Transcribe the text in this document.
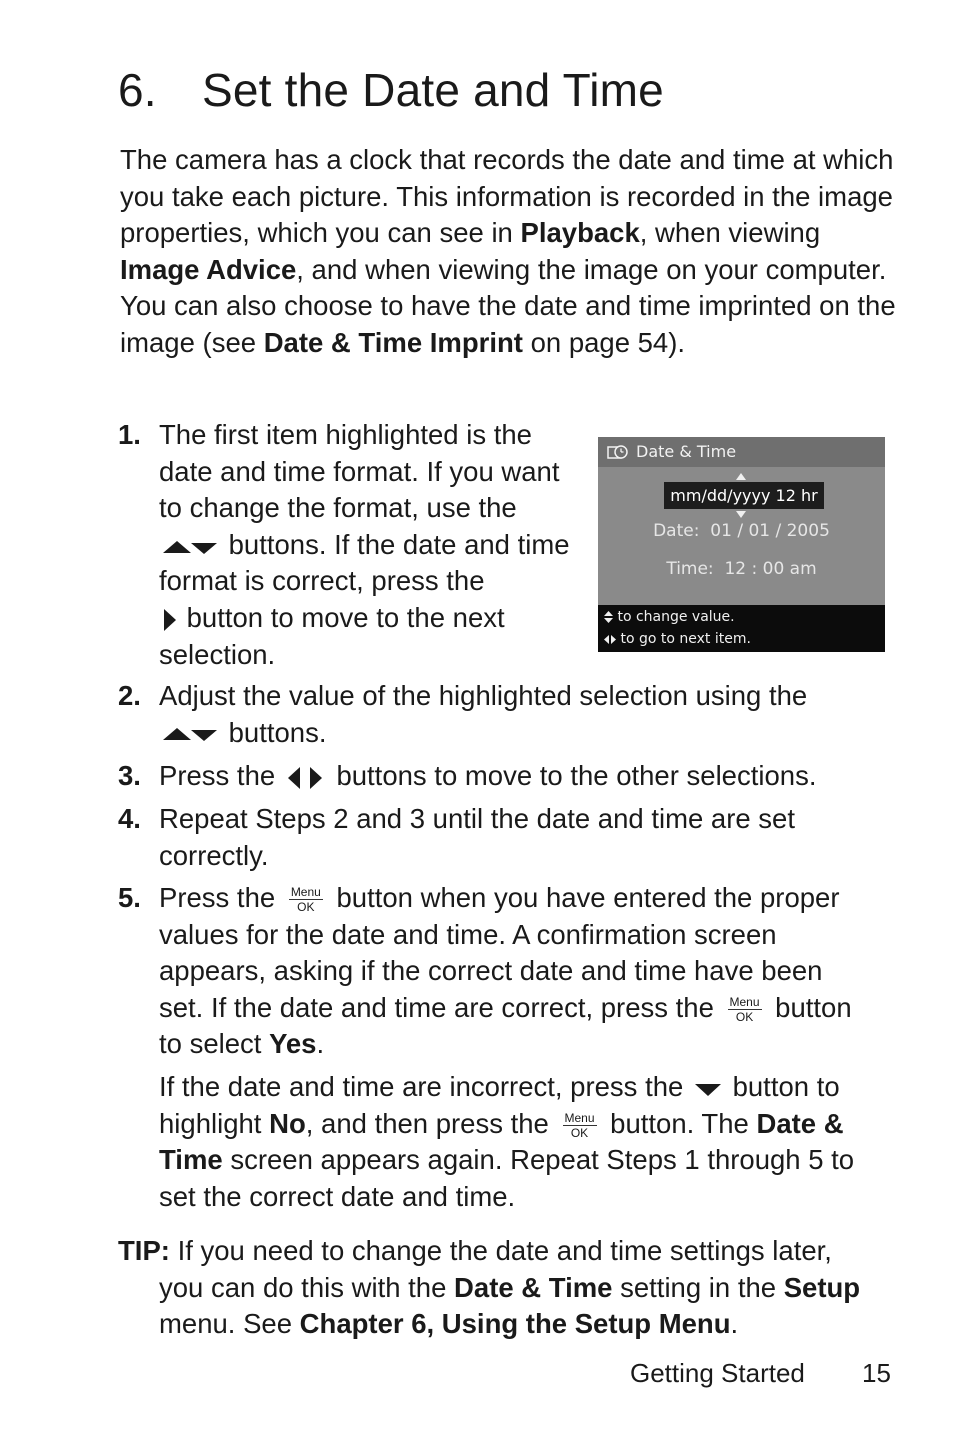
6. Set the Date and Time

The camera has a clock that records the date and time at which you take each picture. This information is recorded in the image properties, which you can see in Playback, when viewing Image Advice, and when viewing the image on your computer. You can also choose to have the date and time imprinted on the image (see Date & Time Imprint on page 54).

1. The first item highlighted is the
date and time format. If you want
to change the format, use the
buttons. If the date and time
format is correct, press the
button to move to the next
selection.
Date & Time
mm/dd/yyyy 12 hr
Date: 01 / 01 / 2005
Time: 12 : 00 am
to change value.
to go to next item.
2. Adjust the value of the highlighted selection using the
buttons.
3. Press the  buttons to move to the other selections.
4. Repeat Steps 2 and 3 until the date and time are set
correctly.
5. Press the Menu
OK button when you have entered the proper
values for the date and time. A confirmation screen
appears, asking if the correct date and time have been
set. If the date and time are correct, press the Menu
OK button
to select Yes.
If the date and time are incorrect, press the  button to
highlight No, and then press the Menu
OK button. The Date &
Time screen appears again. Repeat Steps 1 through 5 to
set the correct date and time.
TIP: If you need to change the date and time settings later,
you can do this with the Date & Time setting in the Setup
menu. See Chapter 6, Using the Setup Menu.
Getting Started 15
